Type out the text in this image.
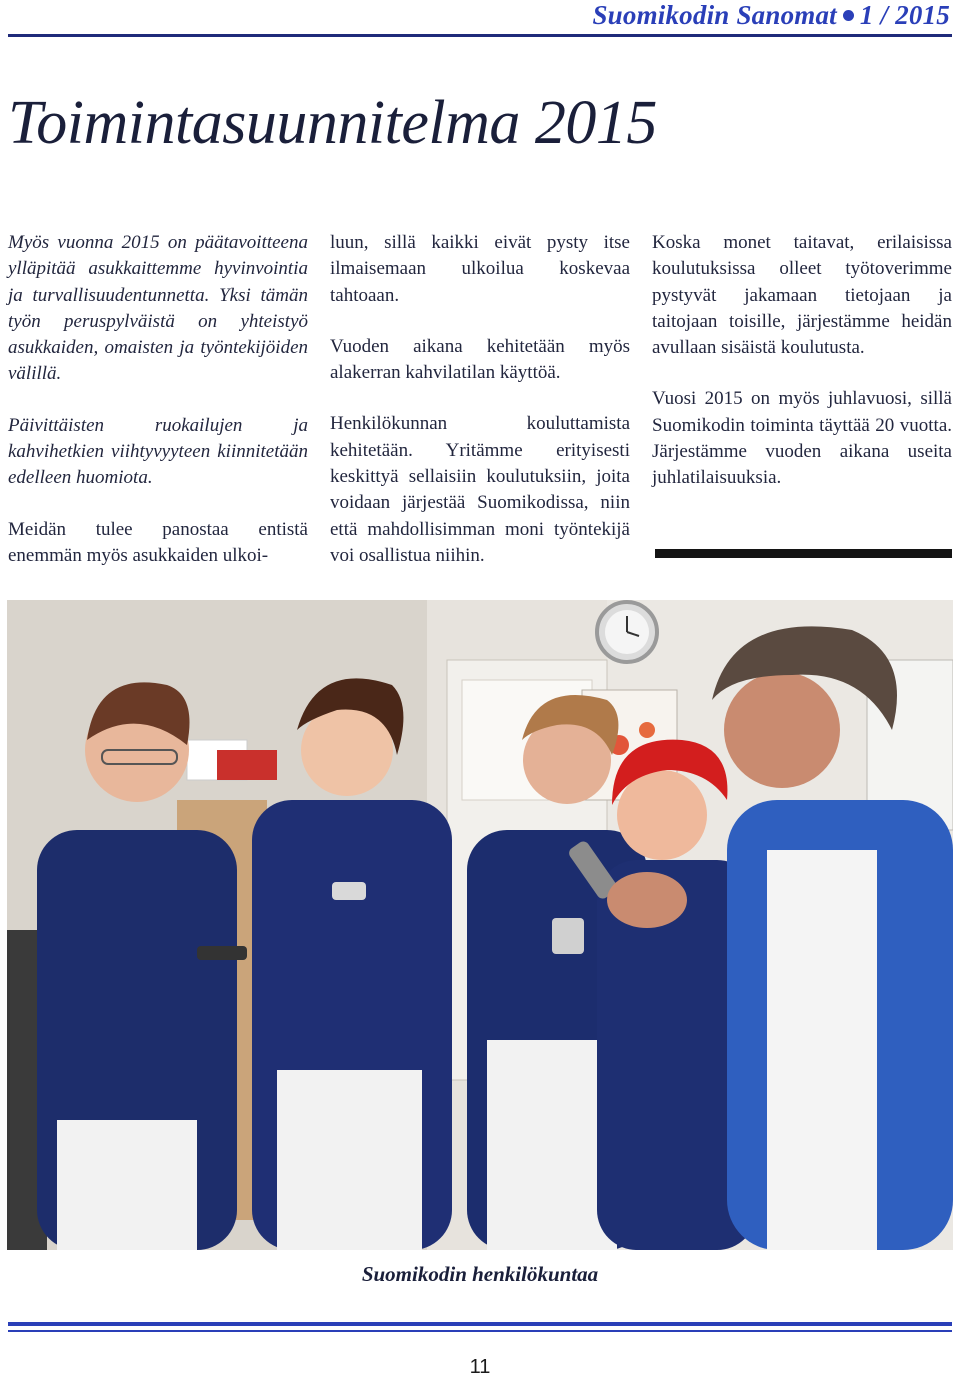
Suomikodin Sanomat 1 / 2015
Toimintasuunnitelma 2015

Myös vuonna 2015 on päätavoitteena ylläpitää asukkaittemme hyvinvointia ja turvallisuudentunnetta. Yksi tämän työn peruspylväistä on yhteistyö asukkaiden, omaisten ja työntekijöiden välillä.

Päivittäisten ruokailujen ja kahvihetkien viihtyvyyteen kiinnitetään edelleen huomiota.

Meidän tulee panostaa entistä enemmän myös asukkaiden ulkoi-

luun, sillä kaikki eivät pysty itse ilmaisemaan ulkoilua koskevaa tahtoaan.

Vuoden aikana kehitetään myös alakerran kahvilatilan käyttöä.

Henkilökunnan kouluttamista kehitetään. Yritämme erityisesti keskittyä sellaisiin koulutuksiin, joita voidaan järjestää Suomikodissa, niin että mahdollisimman moni työntekijä voi osallistua niihin.

Koska monet taitavat, erilaisissa koulutuksissa olleet työtoverimme pystyvät jakamaan tietojaan ja taitojaan toisille, järjestämme heidän avullaan sisäistä koulutusta.

Vuosi 2015 on myös juhlavuosi, sillä Suomikodin toiminta täyttää 20 vuotta. Järjestämme vuoden aikana useita juhlatilaisuuksia.

Suomikodin henkilökuntaa
11
